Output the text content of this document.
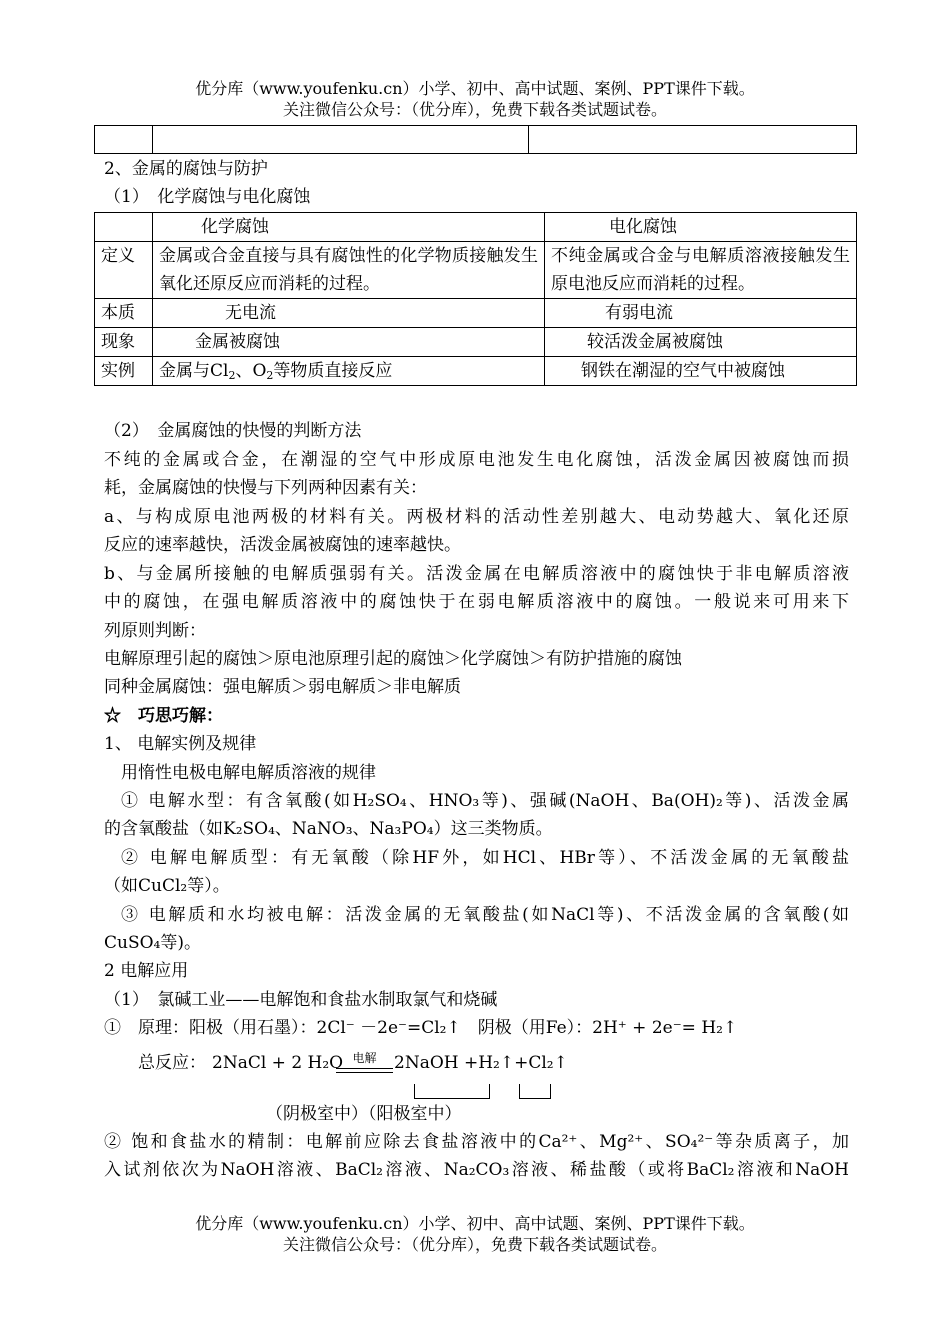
优分库（www.youfenku.cn）小学、初中、高中试题、案例、PPT课件下载。
关注微信公众号：（优分库），免费下载各类试题试卷。

2、金属的腐蚀与防护
（1）　化学腐蚀与电化腐蚀
	化学腐蚀	电化腐蚀
定义	金属或合金直接与具有腐蚀性的化学物质接触发生氧化还原反应而消耗的过程。	不纯金属或合金与电解质溶液接触发生原电池反应而消耗的过程。
本质	无电流	有弱电流
现象	金属被腐蚀	较活泼金属被腐蚀
实例	金属与$Cl_2$、$O_2$等物质直接反应	钢铁在潮湿的空气中被腐蚀
（2）　金属腐蚀的快慢的判断方法
不纯的金属或合金，在潮湿的空气中形成原电池发生电化腐蚀，活泼金属因被腐蚀而损
耗，金属腐蚀的快慢与下列两种因素有关：
a、与构成原电池两极的材料有关。两极材料的活动性差别越大、电动势越大、氧化还原
反应的速率越快，活泼金属被腐蚀的速率越快。
b、与金属所接触的电解质强弱有关。活泼金属在电解质溶液中的腐蚀快于非电解质溶液
中的腐蚀，在强电解质溶液中的腐蚀快于在弱电解质溶液中的腐蚀。一般说来可用来下
列原则判断：
电解原理引起的腐蚀＞原电池原理引起的腐蚀＞化学腐蚀＞有防护措施的腐蚀
同种金属腐蚀：强电解质＞弱电解质＞非电解质
☆　巧思巧解：
1、 电解实例及规律
用惰性电极电解电解质溶液的规律
① 电解水型：有含氧酸(如H₂SO₄、HNO₃等)、强碱(NaOH、Ba(OH)₂等)、活泼金属
的含氧酸盐（如K₂SO₄、NaNO₃、Na₃PO₄）这三类物质。
② 电解电解质型：有无氧酸（除HF外，如HCl、HBr等）、不活泼金属的无氧酸盐
（如CuCl₂等）。
③ 电解质和水均被电解：活泼金属的无氧酸盐(如NaCl等)、不活泼金属的含氧酸(如
CuSO₄等)。
2 电解应用
（1）　氯碱工业——电解饱和食盐水制取氯气和烧碱
①　原理：阳极（用石墨）：2Cl⁻ －2e⁻=Cl₂↑　阴极（用Fe）：2H⁺ + 2e⁻= H₂↑
总反应： 2NaCl + 2 H₂O 电解	2NaOH +H₂↑+Cl₂↑
（阴极室中）（阳极室中）
② 饱和食盐水的精制：电解前应除去食盐溶液中的Ca²⁺、Mg²⁺、SO₄²⁻等杂质离子，加
入试剂依次为NaOH溶液、BaCl₂溶液、Na₂CO₃溶液、稀盐酸（或将BaCl₂溶液和NaOH
优分库（www.youfenku.cn）小学、初中、高中试题、案例、PPT课件下载。
关注微信公众号：（优分库），免费下载各类试题试卷。
